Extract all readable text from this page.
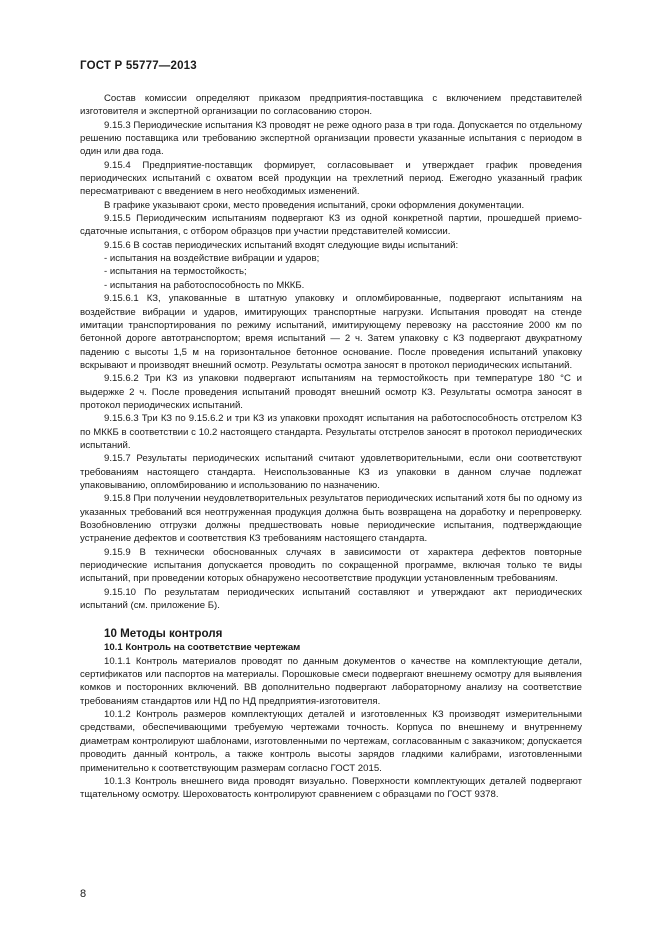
ГОСТ Р 55777—2013

Состав комиссии определяют приказом предприятия-поставщика с включением представителей изготовителя и экспертной организации по согласованию сторон.

9.15.3 Периодические испытания КЗ проводят не реже одного раза в три года. Допускается по отдельному решению поставщика или требованию экспертной организации провести указанные испытания с периодом в один или два года.

9.15.4 Предприятие-поставщик формирует, согласовывает и утверждает график проведения периодических испытаний с охватом всей продукции на трехлетний период. Ежегодно указанный график пересматривают с введением в него необходимых изменений.

В графике указывают сроки, место проведения испытаний, сроки оформления документации.

9.15.5 Периодическим испытаниям подвергают КЗ из одной конкретной партии, прошедшей приемо-сдаточные испытания, с отбором образцов при участии представителей комиссии.

9.15.6 В состав периодических испытаний входят следующие виды испытаний:

- испытания на воздействие вибрации и ударов;

- испытания на термостойкость;

- испытания на работоспособность по МККБ.

9.15.6.1 КЗ, упакованные в штатную упаковку и опломбированные, подвергают испытаниям на воздействие вибрации и ударов, имитирующих транспортные нагрузки. Испытания проводят на стенде имитации транспортирования по режиму испытаний, имитирующему перевозку на расстояние 2000 км по бетонной дороге автотранспортом; время испытаний — 2 ч. Затем упаковку с КЗ подвергают двукратному падению с высоты 1,5 м на горизонтальное бетонное основание. После проведения испытаний упаковку вскрывают и производят внешний осмотр. Результаты осмотра заносят в протокол периодических испытаний.

9.15.6.2 Три КЗ из упаковки подвергают испытаниям на термостойкость при температуре 180 °С и выдержке 2 ч. После проведения испытаний проводят внешний осмотр КЗ. Результаты осмотра заносят в протокол периодических испытаний.

9.15.6.3 Три КЗ по 9.15.6.2 и три КЗ из упаковки проходят испытания на работоспособность отстрелом КЗ по МККБ в соответствии с 10.2 настоящего стандарта. Результаты отстрелов заносят в протокол периодических испытаний.

9.15.7 Результаты периодических испытаний считают удовлетворительными, если они соответствуют требованиям настоящего стандарта. Неиспользованные КЗ из упаковки в данном случае подлежат упаковыванию, опломбированию и использованию по назначению.

9.15.8 При получении неудовлетворительных результатов периодических испытаний хотя бы по одному из указанных требований вся неотгруженная продукция должна быть возвращена на доработку и перепроверку. Возобновлению отгрузки должны предшествовать новые периодические испытания, подтверждающие устранение дефектов и соответствия КЗ требованиям настоящего стандарта.

9.15.9 В технически обоснованных случаях в зависимости от характера дефектов повторные периодические испытания допускается проводить по сокращенной программе, включая только те виды испытаний, при проведении которых обнаружено несоответствие продукции установленным требованиям.

9.15.10 По результатам периодических испытаний составляют и утверждают акт периодических испытаний (см. приложение Б).

10 Методы контроля

10.1 Контроль на соответствие чертежам

10.1.1 Контроль материалов проводят по данным документов о качестве на комплектующие детали, сертификатов или паспортов на материалы. Порошковые смеси подвергают внешнему осмотру для выявления комков и посторонних включений. ВВ дополнительно подвергают лабораторному анализу на соответствие требованиям стандартов или НД по НД предприятия-изготовителя.

10.1.2 Контроль размеров комплектующих деталей и изготовленных КЗ производят измерительными средствами, обеспечивающими требуемую чертежами точность. Корпуса по внешнему и внутреннему диаметрам контролируют шаблонами, изготовленными по чертежам, согласованным с заказчиком; допускается проводить данный контроль, а также контроль высоты зарядов гладкими калибрами, изготовленными применительно к соответствующим размерам согласно ГОСТ 2015.

10.1.3 Контроль внешнего вида проводят визуально. Поверхности комплектующих деталей подвергают тщательному осмотру. Шероховатость контролируют сравнением с образцами по ГОСТ 9378.

8
